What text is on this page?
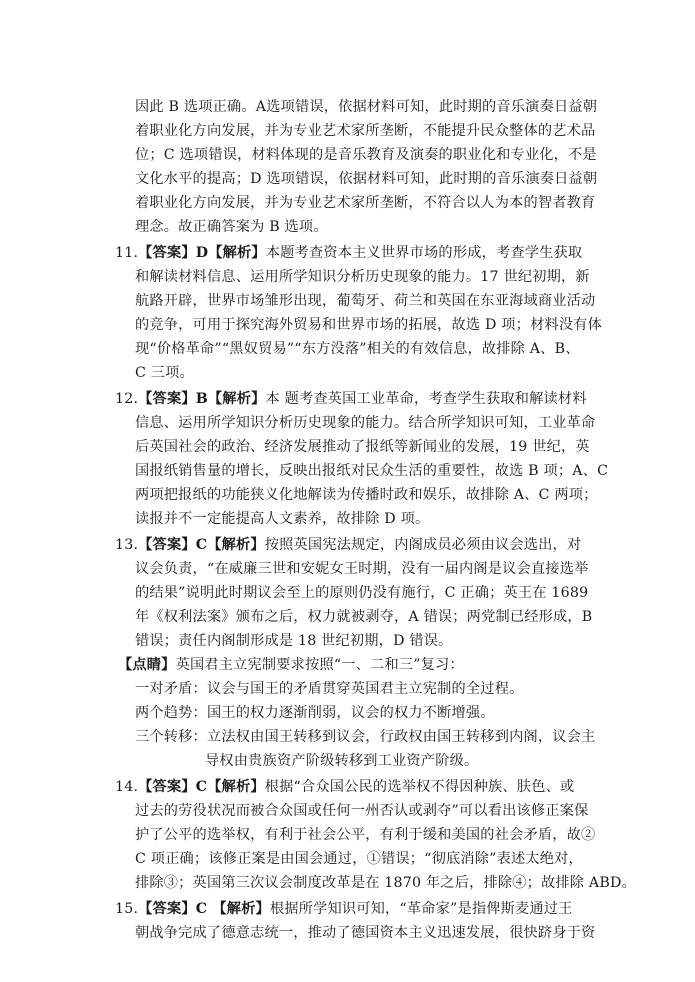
因此 B 选项正确。A选项错误，依据材料可知，此时期的音乐演奏日益朝
着职业化方向发展，并为专业艺术家所垄断，不能提升民众整体的艺术品
位；C 选项错误，材料体现的是音乐教育及演奏的职业化和专业化，不是
文化水平的提高；D 选项错误，依据材料可知，此时期的音乐演奏日益朝
着职业化方向发展，并为专业艺术家所垄断，不符合以人为本的智者教育
理念。故正确答案为 B 选项。
11.【答案】D【解析】本题考查资本主义世界市场的形成，考查学生获取
和解读材料信息、运用所学知识分析历史现象的能力。17 世纪初期，新
航路开辟，世界市场雏形出现，葡萄牙、荷兰和英国在东亚海域商业活动
的竞争，可用于探究海外贸易和世界市场的拓展，故选 D 项；材料没有体
现“价格革命”“黑奴贸易”“东方没落”相关的有效信息，故排除 A、B、
C 三项。
12.【答案】B【解析】本 题考查英国工业革命，考查学生获取和解读材料
信息、运用所学知识分析历史现象的能力。结合所学知识可知，工业革命
后英国社会的政治、经济发展推动了报纸等新闻业的发展，19 世纪，英
国报纸销售量的增长，反映出报纸对民众生活的重要性，故选 B 项；A、C
两项把报纸的功能狭义化地解读为传播时政和娱乐，故排除 A、C 两项；
读报并不一定能提高人文素养，故排除 D 项。
13.【答案】C【解析】按照英国宪法规定，内阁成员必须由议会选出，对
议会负责，“在威廉三世和安妮女王时期，没有一届内阁是议会直接选举
的结果”说明此时期议会至上的原则仍没有施行，C 正确；英王在 1689
年《权利法案》颁布之后，权力就被剥夺，A 错误；两党制已经形成，B
错误；责任内阁制形成是 18 世纪初期，D 错误。
【点睛】英国君主立宪制要求按照“一、二和三”复习：
一对矛盾：议会与国王的矛盾贯穿英国君主立宪制的全过程。
两个趋势：国王的权力逐渐削弱，议会的权力不断增强。
三个转移：立法权由国王转移到议会，行政权由国王转移到内阁，议会主
导权由贵族资产阶级转移到工业资产阶级。
14.【答案】C【解析】根据“合众国公民的选举权不得因种族、肤色、或
过去的劳役状况而被合众国或任何一州否认或剥夺”可以看出该修正案保
护了公平的选举权，有利于社会公平，有利于缓和美国的社会矛盾，故②
C 项正确；该修正案是由国会通过，①错误；“彻底消除”表述太绝对，
排除③；英国第三次议会制度改革是在 1870 年之后，排除④；故排除 ABD。
15.【答案】C 【解析】根据所学知识可知，“革命家”是指俾斯麦通过王
朝战争完成了德意志统一，推动了德国资本主义迅速发展，很快跻身于资
